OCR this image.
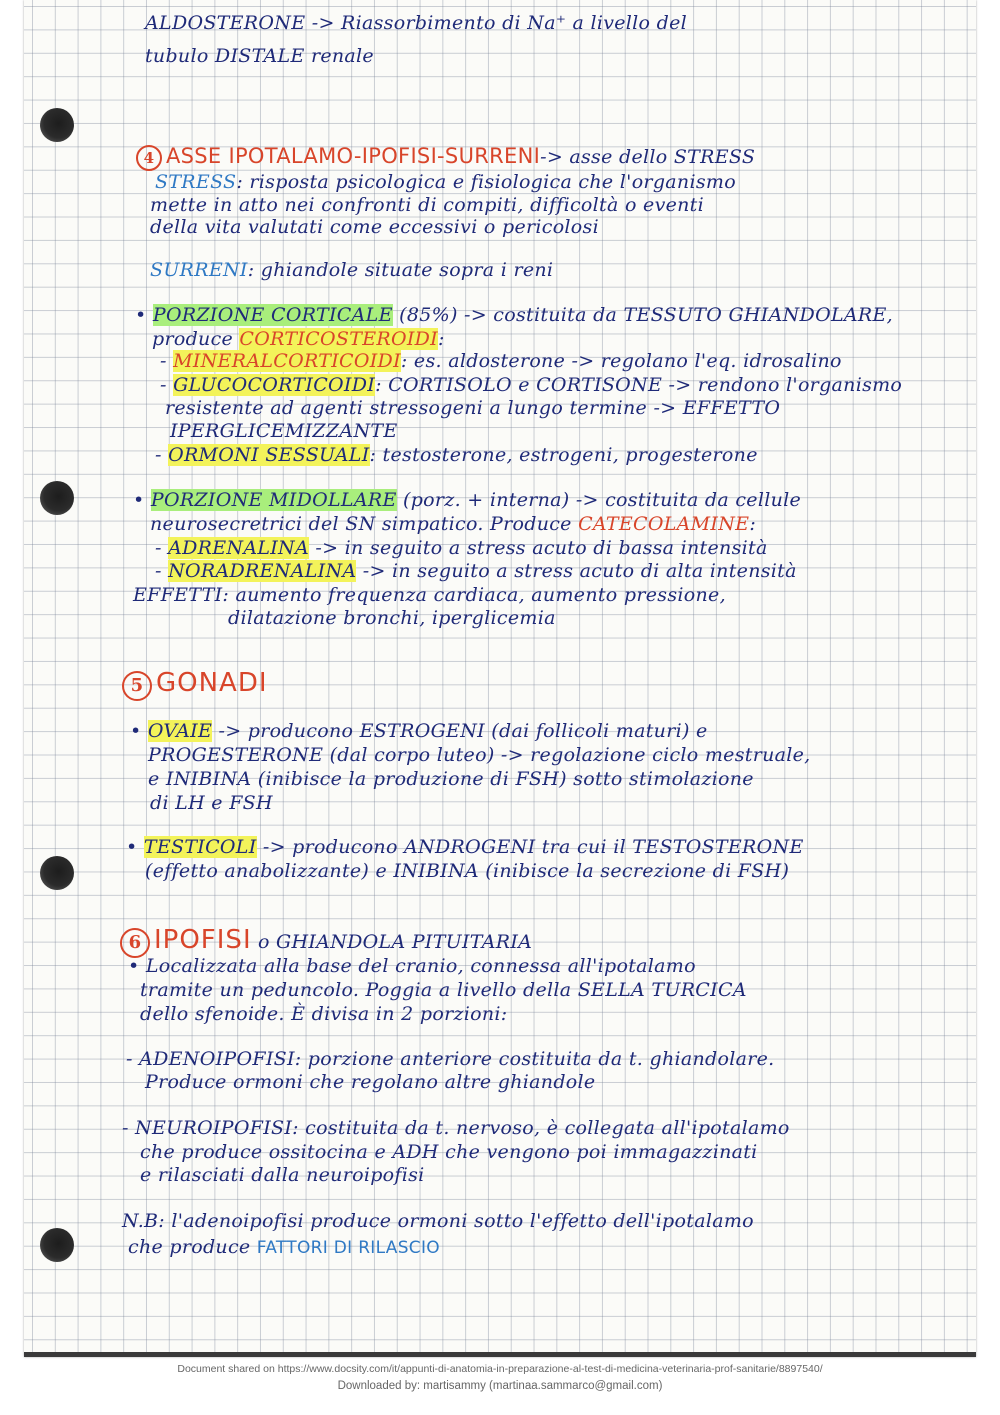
ALDOSTERONE -> Riassorbimento di Na⁺ a livello del

tubulo DISTALE renale

4 ASSE IPOTALAMO-IPOFISI-SURRENI-> asse dello STRESS

STRESS: risposta psicologica e fisiologica che l'organismo

mette in atto nei confronti di compiti, difficoltà o eventi

della vita valutati come eccessivi o pericolosi

SURRENI: ghiandole situate sopra i reni

• PORZIONE CORTICALE (85%) -> costituita da TESSUTO GHIANDOLARE,

produce CORTICOSTEROIDI:

- MINERALCORTICOIDI: es. aldosterone -> regolano l'eq. idrosalino

- GLUCOCORTICOIDI: CORTISOLO e CORTISONE -> rendono l'organismo

resistente ad agenti stressogeni a lungo termine -> EFFETTO

IPERGLICEMIZZANTE

- ORMONI SESSUALI: testosterone, estrogeni, progesterone

• PORZIONE MIDOLLARE (porz. + interna) -> costituita da cellule

neurosecretrici del SN simpatico. Produce CATECOLAMINE:

- ADRENALINA -> in seguito a stress acuto di bassa intensità

- NORADRENALINA -> in seguito a stress acuto di alta intensità

EFFETTI: aumento frequenza cardiaca, aumento pressione,

dilatazione bronchi, iperglicemia

5 GONADI

• OVAIE -> producono ESTROGENI (dai follicoli maturi) e

PROGESTERONE (dal corpo luteo) -> regolazione ciclo mestruale,

e INIBINA (inibisce la produzione di FSH) sotto stimolazione

di LH e FSH

• TESTICOLI -> producono ANDROGENI tra cui il TESTOSTERONE

(effetto anabolizzante) e INIBINA (inibisce la secrezione di FSH)

6 IPOFISI o GHIANDOLA PITUITARIA

• Localizzata alla base del cranio, connessa all'ipotalamo

tramite un peduncolo. Poggia a livello della SELLA TURCICA

dello sfenoide. È divisa in 2 porzioni:

- ADENOIPOFISI: porzione anteriore costituita da t. ghiandolare.

Produce ormoni che regolano altre ghiandole

- NEUROIPOFISI: costituita da t. nervoso, è collegata all'ipotalamo

che produce ossitocina e ADH che vengono poi immagazzinati

e rilasciati dalla neuroipofisi

N.B: l'adenoipofisi produce ormoni sotto l'effetto dell'ipotalamo

che produce FATTORI DI RILASCIO

Document shared on https://www.docsity.com/it/appunti-di-anatomia-in-preparazione-al-test-di-medicina-veterinaria-prof-sanitarie/8897540/
Downloaded by: martisammy (martinaa.sammarco@gmail.com)
